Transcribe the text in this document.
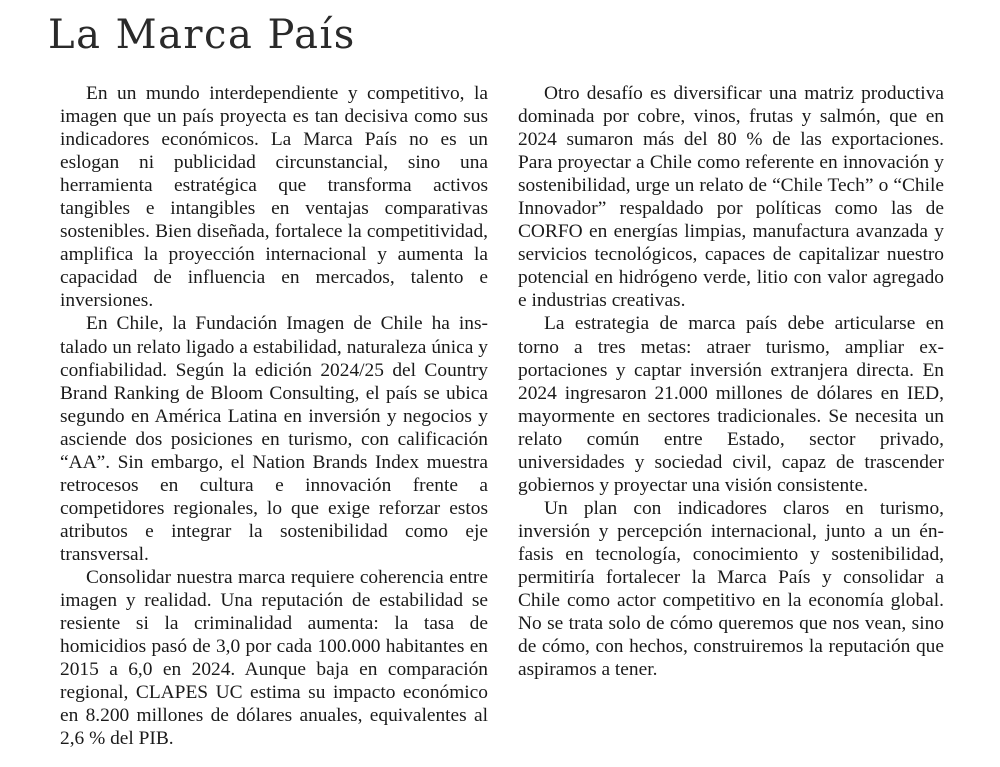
La Marca País

En un mundo interdependiente y competitivo, la imagen que un país proyecta es tan decisiva como sus indicadores económicos. La Marca País no es un eslogan ni publicidad circunstancial, sino una herramienta estratégica que transforma activos tangibles e intangibles en ventajas comparativas sostenibles. Bien diseñada, fortalece la competitividad, amplifica la proyección internacional y aumenta la capacidad de influencia en mercados, talento e inversiones.

En Chile, la Fundación Imagen de Chile ha instalado un relato ligado a estabilidad, naturaleza única y confiabilidad. Según la edición 2024/25 del Country Brand Ranking de Bloom Consulting, el país se ubica segundo en América Latina en inversión y negocios y asciende dos posiciones en turismo, con calificación “AA”. Sin embargo, el Nation Brands Index muestra retrocesos en cultura e innovación frente a competidores regionales, lo que exige reforzar estos atributos e integrar la sostenibilidad como eje transversal.

Consolidar nuestra marca requiere coherencia entre imagen y realidad. Una reputación de estabilidad se resiente si la criminalidad aumenta: la tasa de homicidios pasó de 3,0 por cada 100.000 habitantes en 2015 a 6,0 en 2024. Aunque baja en comparación regional, CLAPES UC estima su impacto económico en 8.200 millones de dólares anuales, equivalentes al 2,6 % del PIB.

Otro desafío es diversificar una matriz productiva dominada por cobre, vinos, frutas y salmón, que en 2024 sumaron más del 80 % de las exportaciones. Para proyectar a Chile como referente en innovación y sostenibilidad, urge un relato de “Chile Tech” o “Chile Innovador” respaldado por políticas como las de CORFO en energías limpias, manufactura avanzada y servicios tecnológicos, capaces de capitalizar nuestro potencial en hidrógeno verde, litio con valor agregado e industrias creativas.

La estrategia de marca país debe articularse en torno a tres metas: atraer turismo, ampliar exportaciones y captar inversión extranjera directa. En 2024 ingresaron 21.000 millones de dólares en IED, mayormente en sectores tradicionales. Se necesita un relato común entre Estado, sector privado, universidades y sociedad civil, capaz de trascender gobiernos y proyectar una visión consistente.

Un plan con indicadores claros en turismo, inversión y percepción internacional, junto a un énfasis en tecnología, conocimiento y sostenibilidad, permitiría fortalecer la Marca País y consolidar a Chile como actor competitivo en la economía global. No se trata solo de cómo queremos que nos vean, sino de cómo, con hechos, construiremos la reputación que aspiramos a tener.
